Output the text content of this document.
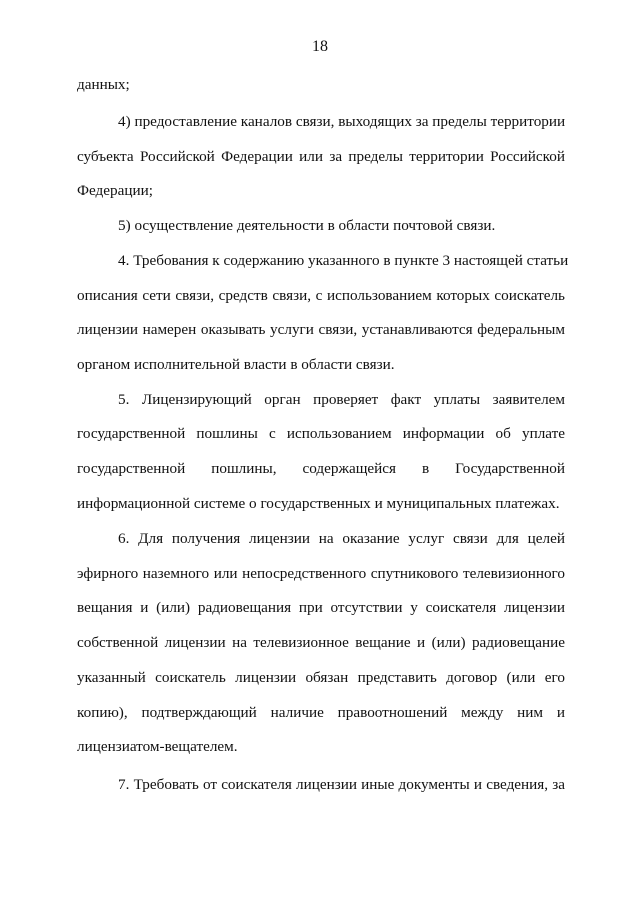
18
данных;
4) предоставление каналов связи, выходящих за пределы территории
субъекта Российской Федерации или за пределы территории Российской
Федерации;
5) осуществление деятельности в области почтовой связи.
4. Требования к содержанию указанного в пункте 3 настоящей статьи
описания сети связи, средств связи, с использованием которых соискатель
лицензии намерен оказывать услуги связи, устанавливаются федеральным
органом исполнительной власти в области связи.
5. Лицензирующий орган проверяет факт уплаты заявителем
государственной пошлины с использованием информации об уплате
государственной пошлины, содержащейся в Государственной
информационной системе о государственных и муниципальных платежах.
6. Для получения лицензии на оказание услуг связи для целей
эфирного наземного или непосредственного спутникового телевизионного
вещания и (или) радиовещания при отсутствии у соискателя лицензии
собственной лицензии на телевизионное вещание и (или) радиовещание
указанный соискатель лицензии обязан представить договор (или его
копию), подтверждающий наличие правоотношений между ним и
лицензиатом-вещателем.
7. Требовать от соискателя лицензии иные документы и сведения, за
